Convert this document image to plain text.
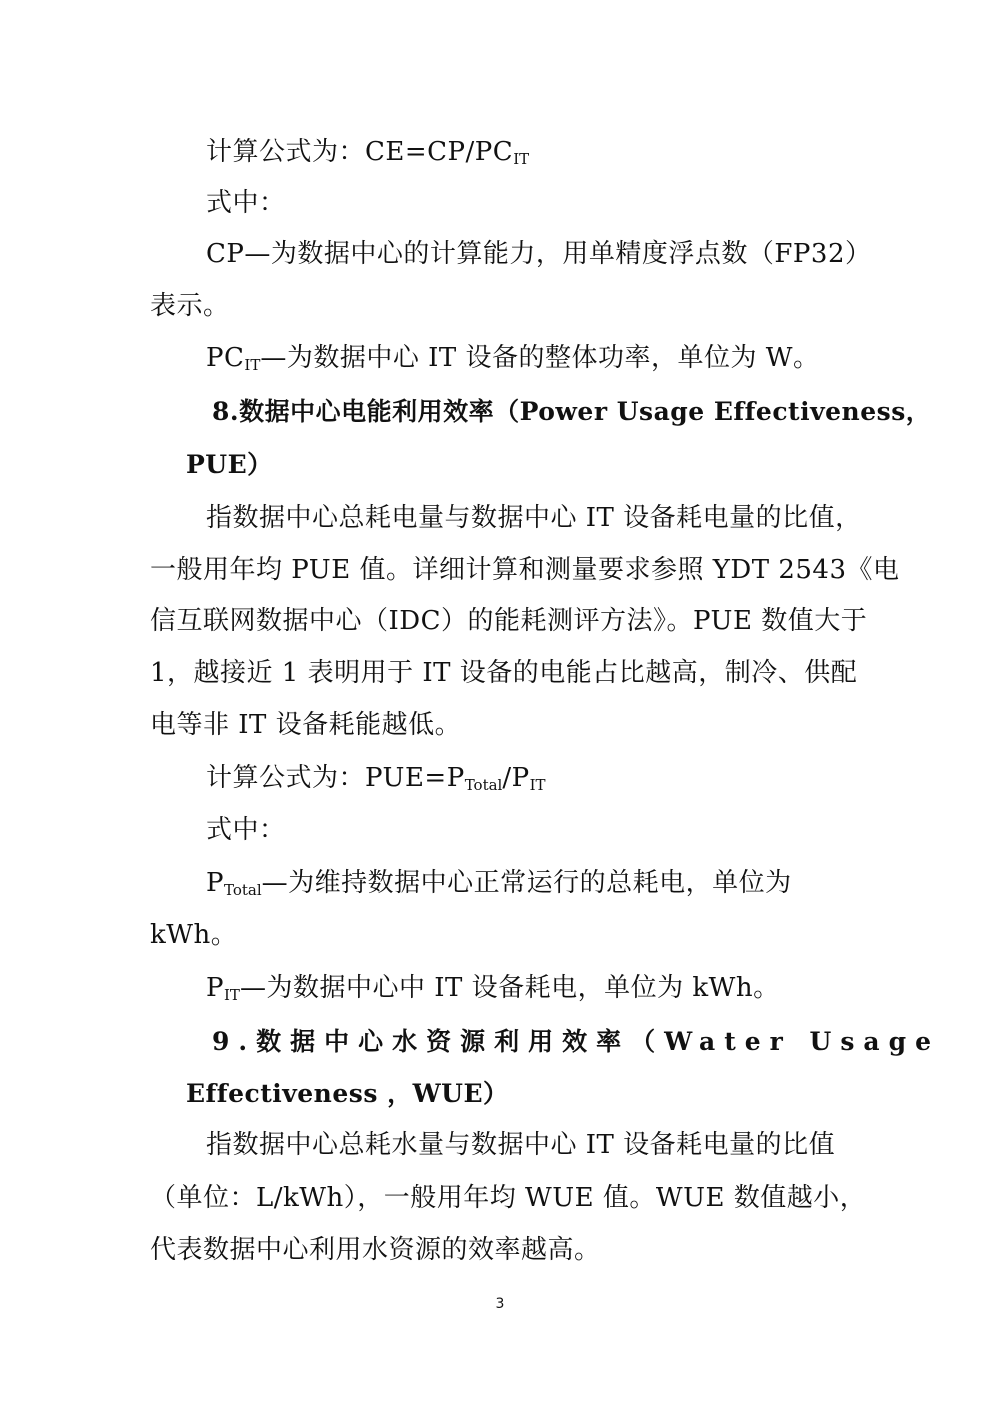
计算公式为：$CE=CP/PC_{IT}$
式中：
CP—为数据中心的计算能力，用单精度浮点数（FP32）
表示。
$PC_{IT}—$为数据中心 IT 设备的整体功率，单位为 W。
8.数据中心电能利用效率（Power Usage Effectiveness，
PUE）
指数据中心总耗电量与数据中心 IT 设备耗电量的比值，
一般用年均 PUE 值。详细计算和测量要求参照 YDT 2543《电
信互联网数据中心（IDC）的能耗测评方法》。PUE 数值大于
1，越接近 1 表明用于 IT 设备的电能占比越高，制冷、供配
电等非 IT 设备耗能越低。
计算公式为：$PUE=P_{Total}/P_{IT}$
式中：
$P_{Total}—$为维持数据中心正常运行的总耗电，单位为
kWh。
$P_{IT}—$为数据中心中 IT 设备耗电，单位为 kWh。
9.数据中心水资源利用效率（Water Usage
Effectiveness ，WUE）
指数据中心总耗水量与数据中心 IT 设备耗电量的比值
（单位：L/kWh），一般用年均 WUE 值。WUE 数值越小，
代表数据中心利用水资源的效率越高。
3
